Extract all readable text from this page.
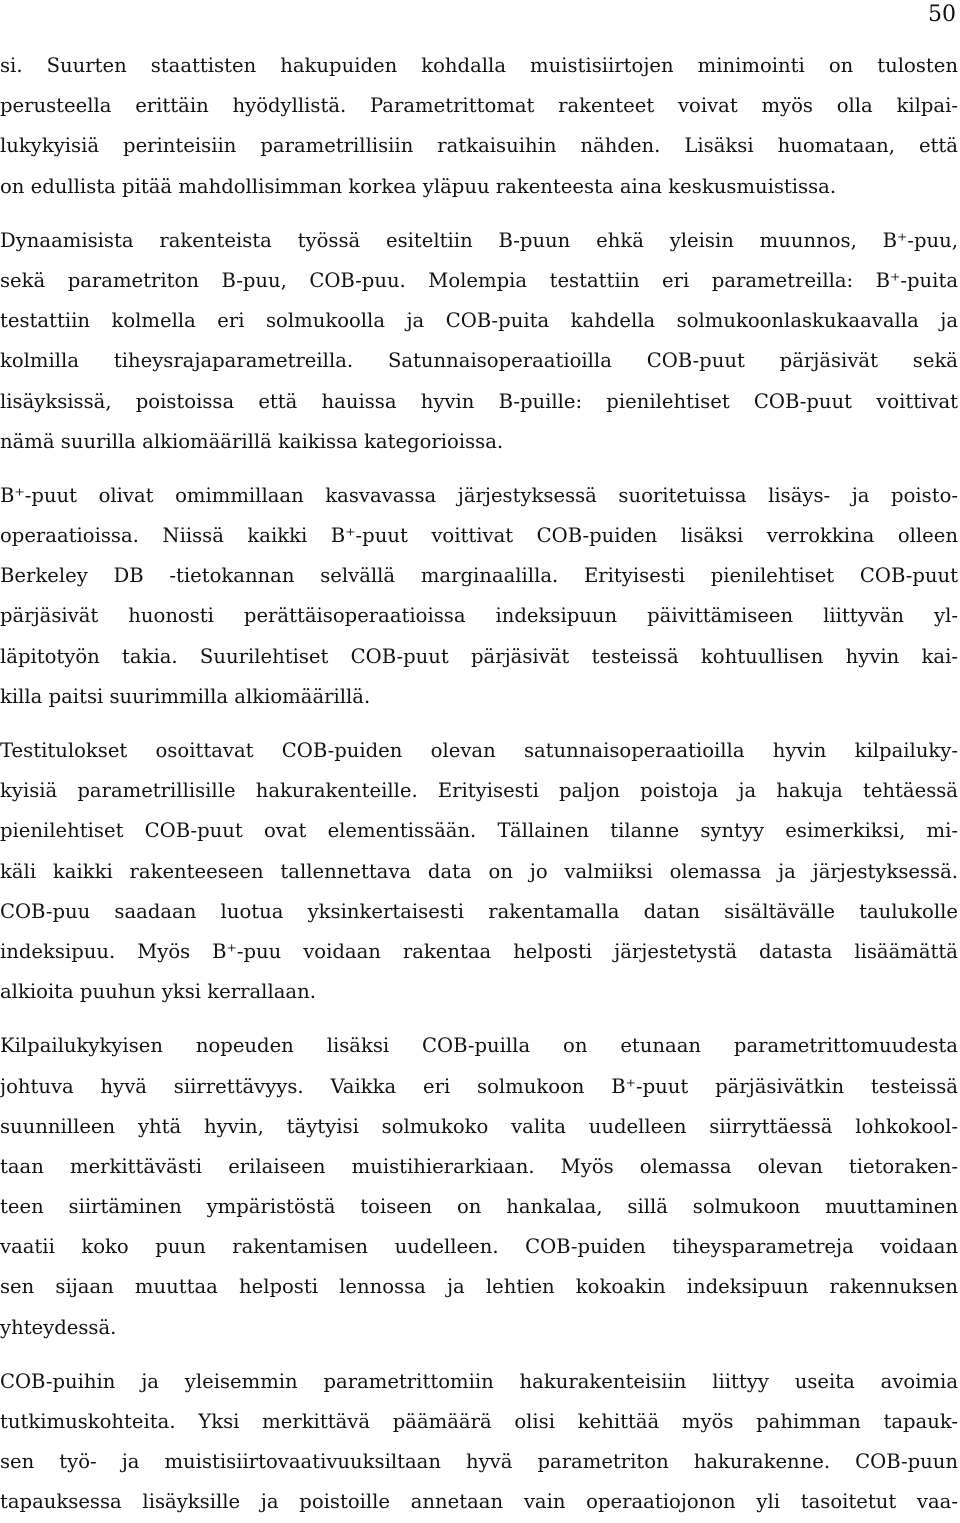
50

si. Suurten staattisten hakupuiden kohdalla muistisiirtojen minimointi on tulosten
perusteella erittäin hyödyllistä. Parametrittomat rakenteet voivat myös olla kilpai-
lukykyisiä perinteisiin parametrillisiin ratkaisuihin nähden. Lisäksi huomataan, että
on edullista pitää mahdollisimman korkea yläpuu rakenteesta aina keskusmuistissa.

Dynaamisista rakenteista työssä esiteltiin B-puun ehkä yleisin muunnos, B⁺-puu,
sekä parametriton B-puu, COB-puu. Molempia testattiin eri parametreilla: B⁺-puita
testattiin kolmella eri solmukoolla ja COB-puita kahdella solmukoonlaskukaavalla ja
kolmilla tiheysrajaparametreilla. Satunnaisoperaatioilla COB-puut pärjäsivät sekä
lisäyksissä, poistoissa että hauissa hyvin B-puille: pienilehtiset COB-puut voittivat
nämä suurilla alkiomäärillä kaikissa kategorioissa.

B⁺-puut olivat omimmillaan kasvavassa järjestyksessä suoritetuissa lisäys- ja poisto-
operaatioissa. Niissä kaikki B⁺-puut voittivat COB-puiden lisäksi verrokkina olleen
Berkeley DB -tietokannan selvällä marginaalilla. Erityisesti pienilehtiset COB-puut
pärjäsivät huonosti perättäisoperaatioissa indeksipuun päivittämiseen liittyvän yl-
läpitotyön takia. Suurilehtiset COB-puut pärjäsivät testeissä kohtuullisen hyvin kai-
killa paitsi suurimmilla alkiomäärillä.

Testitulokset osoittavat COB-puiden olevan satunnaisoperaatioilla hyvin kilpailuky-
kyisiä parametrillisille hakurakenteille. Erityisesti paljon poistoja ja hakuja tehtäessä
pienilehtiset COB-puut ovat elementissään. Tällainen tilanne syntyy esimerkiksi, mi-
käli kaikki rakenteeseen tallennettava data on jo valmiiksi olemassa ja järjestyksessä.
COB-puu saadaan luotua yksinkertaisesti rakentamalla datan sisältävälle taulukolle
indeksipuu. Myös B⁺-puu voidaan rakentaa helposti järjestetystä datasta lisäämättä
alkioita puuhun yksi kerrallaan.

Kilpailukykyisen nopeuden lisäksi COB-puilla on etunaan parametrittomuudesta
johtuva hyvä siirrettävyys. Vaikka eri solmukoon B⁺-puut pärjäsivätkin testeissä
suunnilleen yhtä hyvin, täytyisi solmukoko valita uudelleen siirryttäessä lohkokool-
taan merkittävästi erilaiseen muistihierarkiaan. Myös olemassa olevan tietoraken-
teen siirtäminen ympäristöstä toiseen on hankalaa, sillä solmukoon muuttaminen
vaatii koko puun rakentamisen uudelleen. COB-puiden tiheysparametreja voidaan
sen sijaan muuttaa helposti lennossa ja lehtien kokoakin indeksipuun rakennuksen
yhteydessä.

COB-puihin ja yleisemmin parametrittomiin hakurakenteisiin liittyy useita avoimia
tutkimuskohteita. Yksi merkittävä päämäärä olisi kehittää myös pahimman tapauk-
sen työ- ja muistisiirtovaativuuksiltaan hyvä parametriton hakurakenne. COB-puun
tapauksessa lisäyksille ja poistoille annetaan vain operaatiojonon yli tasoitetut vaa-
